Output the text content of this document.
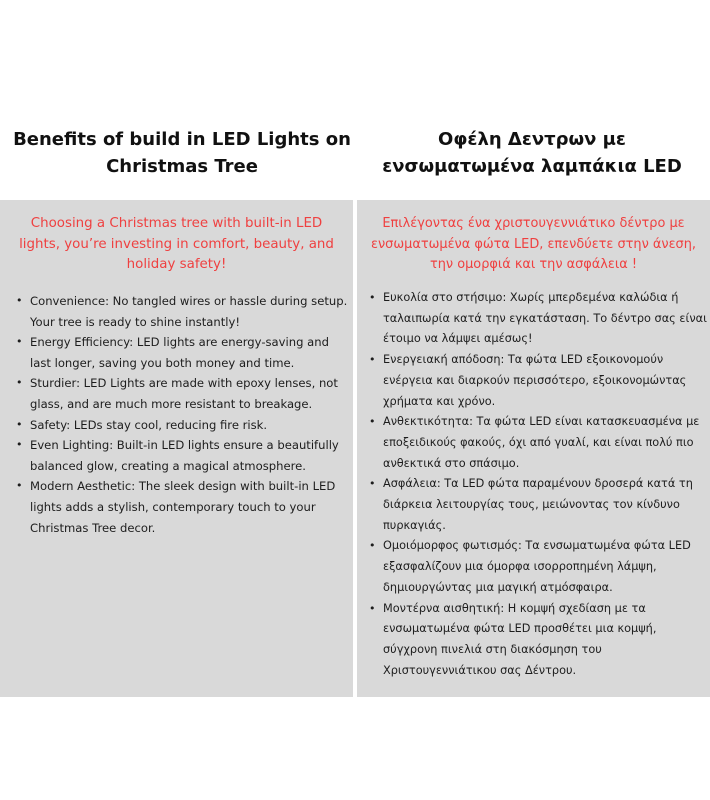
Benefits of build in LED Lights on Christmas Tree
Οφέλη Δεντρων με ενσωματωμένα λαμπάκια LED
Choosing a Christmas tree with built-in LED lights, you’re investing in comfort, beauty, and holiday safety!
• Convenience: No tangled wires or hassle during setup. Your tree is ready to shine instantly!
• Energy Efficiency: LED lights are energy-saving and last longer, saving you both money and time.
• Sturdier: LED Lights are made with epoxy lenses, not glass, and are much more resistant to breakage.
• Safety: LEDs stay cool, reducing fire risk.
• Even Lighting: Built-in LED lights ensure a beautifully balanced glow, creating a magical atmosphere.
• Modern Aesthetic: The sleek design with built-in LED lights adds a stylish, contemporary touch to your Christmas Tree decor.
Επιλέγοντας ένα χριστουγεννιάτικο δέντρο με ενσωματωμένα φώτα LED, επενδύετε στην άνεση, την ομορφιά και την ασφάλεια !
• Ευκολία στο στήσιμο: Χωρίς μπερδεμένα καλώδια ή ταλαιπωρία κατά την εγκατάσταση. Το δέντρο σας είναι έτοιμο να λάμψει αμέσως!
• Ενεργειακή απόδοση: Τα φώτα LED εξοικονομούν ενέργεια και διαρκούν περισσότερο, εξοικονομώντας χρήματα και χρόνο.
• Ανθεκτικότητα: Τα φώτα LED είναι κατασκευασμένα με εποξειδικούς φακούς, όχι από γυαλί, και είναι πολύ πιο ανθεκτικά στο σπάσιμο.
• Ασφάλεια: Τα LED φώτα παραμένουν δροσερά κατά τη διάρκεια λειτουργίας τους, μειώνοντας τον κίνδυνο πυρκαγιάς.
• Ομοιόμορφος φωτισμός: Τα ενσωματωμένα φώτα LED εξασφαλίζουν μια όμορφα ισορροπημένη λάμψη, δημιουργώντας μια μαγική ατμόσφαιρα.
• Μοντέρνα αισθητική: Η κομψή σχεδίαση με τα ενσωματωμένα φώτα LED προσθέτει μια κομψή, σύγχρονη πινελιά στη διακόσμηση του Χριστουγεννιάτικου σας Δέντρου.
